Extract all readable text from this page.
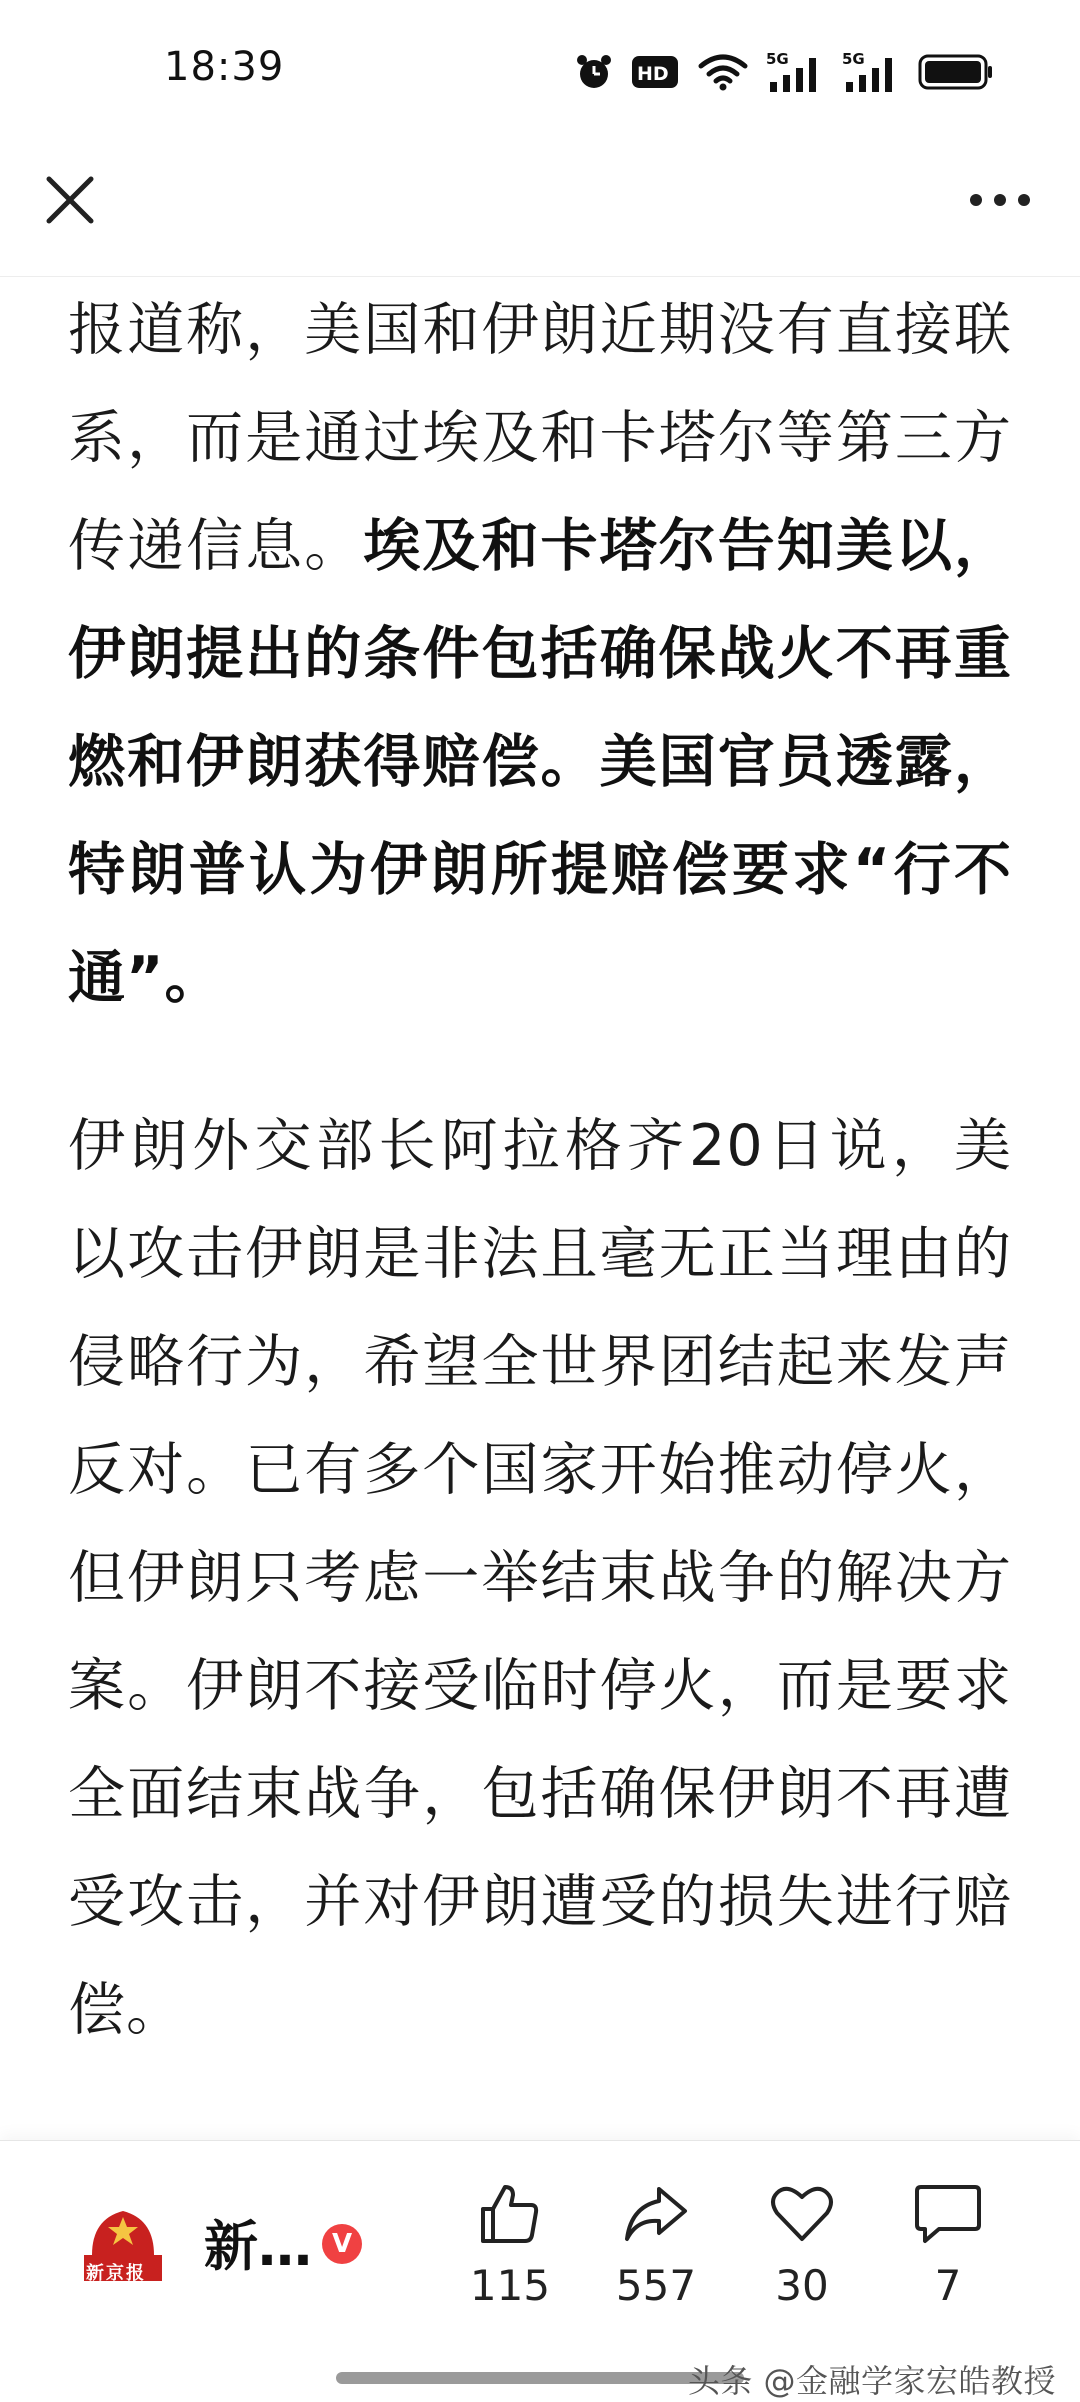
18:39	HD
5G	5G

报道称，美国和伊朗近期没有直接联系，而是通过埃及和卡塔尔等第三方传递信息。埃及和卡塔尔告知美以，伊朗提出的条件包括确保战火不再重燃和伊朗获得赔偿。美国官员透露，特朗普认为伊朗所提赔偿要求“行不通”。

伊朗外交部长阿拉格齐20日说，美以攻击伊朗是非法且毫无正当理由的侵略行为，希望全世界团结起来发声反对。已有多个国家开始推动停火，但伊朗只考虑一举结束战争的解决方案。伊朗不接受临时停火，而是要求全面结束战争，包括确保伊朗不再遭受攻击，并对伊朗遭受的损失进行赔偿。

新京报 新… V
115 557 30	7
头条 @金融学家宏皓教授
